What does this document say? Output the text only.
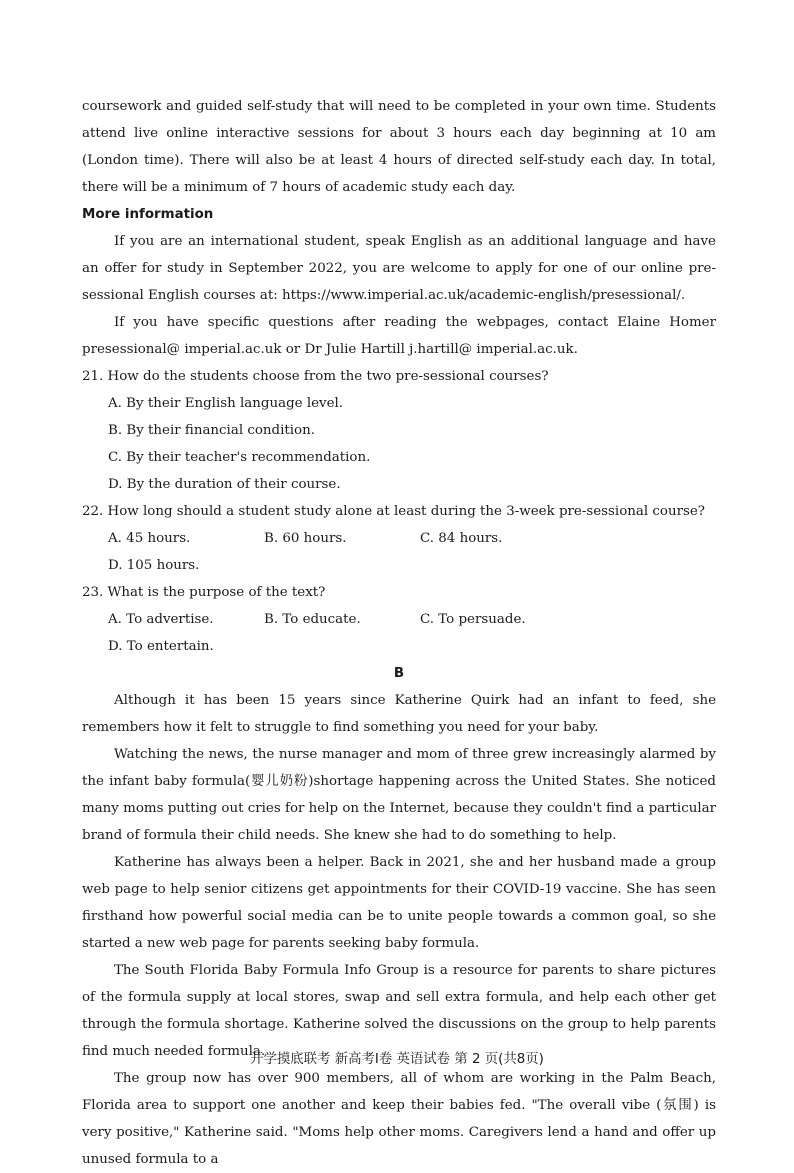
coursework and guided self-study that will need to be completed in your own time. Students attend live online interactive sessions for about 3 hours each day beginning at 10 am (London time). There will also be at least 4 hours of directed self-study each day. In total, there will be a minimum of 7 hours of academic study each day.

More information

If you are an international student, speak English as an additional language and have an offer for study in September 2022, you are welcome to apply for one of our online pre-sessional English courses at: https://www.imperial.ac.uk/academic-english/presessional/.

If you have specific questions after reading the webpages, contact Elaine Homer presessional@ imperial.ac.uk or Dr Julie Hartill j.hartill@ imperial.ac.uk.

21. How do the students choose from the two pre-sessional courses?
A. By their English language level.
B. By their financial condition.
C. By their teacher's recommendation.
D. By the duration of their course.
22. How long should a student study alone at least during the 3-week pre-sessional course?
A. 45 hours.	B. 60 hours.	C. 84 hours.
D. 105 hours.
23. What is the purpose of the text?
A. To advertise.	B. To educate.	C. To persuade.
D. To entertain.
B

Although it has been 15 years since Katherine Quirk had an infant to feed, she remembers how it felt to struggle to find something you need for your baby.

Watching the news, the nurse manager and mom of three grew increasingly alarmed by the infant baby formula(婴儿奶粉)shortage happening across the United States. She noticed many moms putting out cries for help on the Internet, because they couldn't find a particular brand of formula their child needs. She knew she had to do something to help.

Katherine has always been a helper. Back in 2021, she and her husband made a group web page to help senior citizens get appointments for their COVID-19 vaccine. She has seen firsthand how powerful social media can be to unite people towards a common goal, so she started a new web page for parents seeking baby formula.

The South Florida Baby Formula Info Group is a resource for parents to share pictures of the formula supply at local stores, swap and sell extra formula, and help each other get through the formula shortage. Katherine solved the discussions on the group to help parents find much needed formula.

The group now has over 900 members, all of whom are working in the Palm Beach, Florida area to support one another and keep their babies fed. "The overall vibe (氛围) is very positive," Katherine said. "Moms help other moms. Caregivers lend a hand and offer up unused formula to a

开学摸底联考 新高考Ⅰ卷 英语试卷 第 2 页(共8页)
